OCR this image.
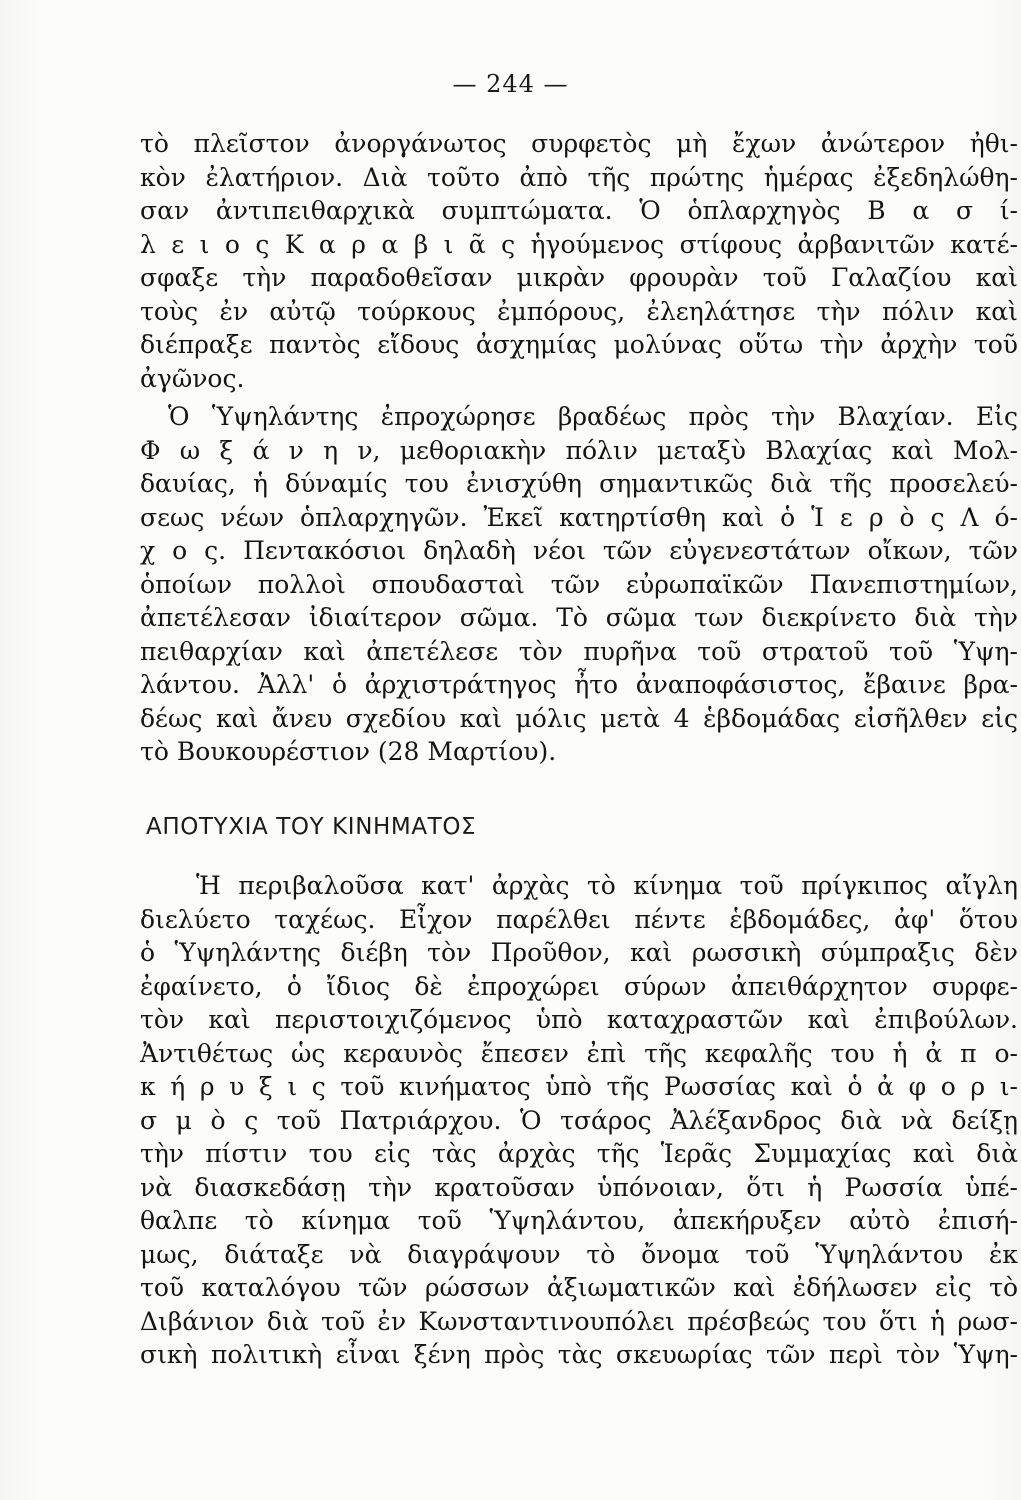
— 244 —
τὸ πλεῖστον ἀνοργάνωτος συρφετὸς μὴ ἔχων ἀνώτερον ἠθι-
κὸν ἐλατήριον. Διὰ τοῦτο ἀπὸ τῆς πρώτης ἡμέρας ἐξεδηλώθη-
σαν ἀντιπειθαρχικὰ συμπτώματα. Ὁ ὁπλαρχηγὸς Β α σ ί-
λ ε ι ο ς Κ α ρ α β ι ᾶ ς ἡγούμενος στίφους ἀρβανιτῶν κατέ-
σφαξε τὴν παραδοθεῖσαν μικρὰν φρουρὰν τοῦ Γαλαζίου καὶ
τοὺς ἐν αὐτῷ τούρκους ἐμπόρους, ἐλεηλάτησε τὴν πόλιν καὶ
διέπραξε παντὸς εἴδους ἀσχημίας μολύνας οὕτω τὴν ἀρχὴν τοῦ
ἀγῶνος.
Ὁ Ὑψηλάντης ἐπροχώρησε βραδέως πρὸς τὴν Βλαχίαν. Εἰς
Φ ω ξ ά ν η ν, μεθοριακὴν πόλιν μεταξὺ Βλαχίας καὶ Μολ-
δαυίας, ἡ δύναμίς του ἐνισχύθη σημαντικῶς διὰ τῆς προσελεύ-
σεως νέων ὁπλαρχηγῶν. Ἐκεῖ κατηρτίσθη καὶ ὁ Ἱ ε ρ ὸ ς Λ ό-
χ ο ς. Πεντακόσιοι δηλαδὴ νέοι τῶν εὐγενεστάτων οἴκων, τῶν
ὁποίων πολλοὶ σπουδασταὶ τῶν εὐρωπαϊκῶν Πανεπιστημίων,
ἀπετέλεσαν ἰδιαίτερον σῶμα. Τὸ σῶμα των διεκρίνετο διὰ τὴν
πειθαρχίαν καὶ ἀπετέλεσε τὸν πυρῆνα τοῦ στρατοῦ τοῦ Ὑψη-
λάντου. Ἀλλ' ὁ ἀρχιστράτηγος ἦτο ἀναποφάσιστος, ἔβαινε βρα-
δέως καὶ ἄνευ σχεδίου καὶ μόλις μετὰ 4 ἑβδομάδας εἰσῆλθεν εἰς
τὸ Βουκουρέστιον (28 Μαρτίου).
ΑΠΟΤΥΧΙΑ ΤΟΥ ΚΙΝΗΜΑΤΟΣ
Ἡ περιβαλοῦσα κατ' ἀρχὰς τὸ κίνημα τοῦ πρίγκιπος αἴγλη
διελύετο ταχέως. Εἶχον παρέλθει πέντε ἑβδομάδες, ἀφ' ὅτου
ὁ Ὑψηλάντης διέβη τὸν Προῦθον, καὶ ρωσσικὴ σύμπραξις δὲν
ἐφαίνετο, ὁ ἴδιος δὲ ἐπροχώρει σύρων ἀπειθάρχητον συρφε-
τὸν καὶ περιστοιχιζόμενος ὑπὸ καταχραστῶν καὶ ἐπιβούλων.
Ἀντιθέτως ὡς κεραυνὸς ἔπεσεν ἐπὶ τῆς κεφαλῆς του ἡ ἀ π ο-
κ ή ρ υ ξ ι ς τοῦ κινήματος ὑπὸ τῆς Ρωσσίας καὶ ὁ ἀ φ ο ρ ι-
σ μ ὸ ς τοῦ Πατριάρχου. Ὁ τσάρος Ἀλέξανδρος διὰ νὰ δείξῃ
τὴν πίστιν του εἰς τὰς ἀρχὰς τῆς Ἱερᾶς Συμμαχίας καὶ διὰ
νὰ διασκεδάσῃ τὴν κρατοῦσαν ὑπόνοιαν, ὅτι ἡ Ρωσσία ὑπέ-
θαλπε τὸ κίνημα τοῦ Ὑψηλάντου, ἀπεκήρυξεν αὐτὸ ἐπισή-
μως, διάταξε νὰ διαγράψουν τὸ ὄνομα τοῦ Ὑψηλάντου ἐκ
τοῦ καταλόγου τῶν ρώσσων ἀξιωματικῶν καὶ ἐδήλωσεν εἰς τὸ
Διβάνιον διὰ τοῦ ἐν Κωνσταντινουπόλει πρέσβεώς του ὅτι ἡ ρωσ-
σικὴ πολιτικὴ εἶναι ξένη πρὸς τὰς σκευωρίας τῶν περὶ τὸν Ὑψη-
